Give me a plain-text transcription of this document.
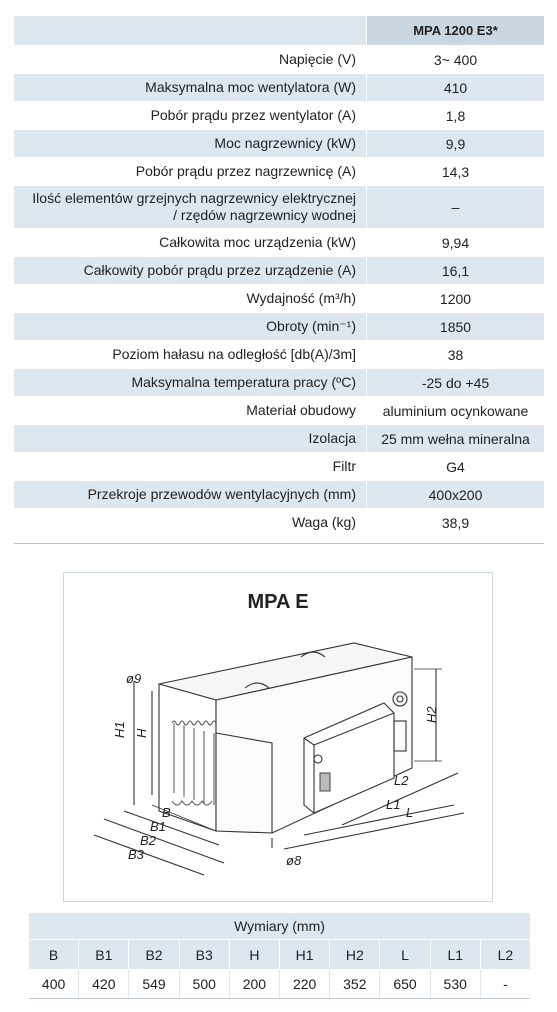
MPA 1200 E3*
Napięcie (V)	3~ 400
Maksymalna moc wentylatora (W)	410
Pobór prądu przez wentylator (A)	1,8
Moc nagrzewnicy (kW)	9,9
Pobór prądu przez nagrzewnicę (A)	14,3
Ilość elementów grzejnych nagrzewnicy elektrycznej
/ rzędów nagrzewnicy wodnej	–
Całkowita moc urządzenia (kW)	9,94
Całkowity pobór prądu przez urządzenie (A)	16,1
Wydajność (m³/h)	1200
Obroty (min⁻¹)	1850
Poziom hałasu na odległość [db(A)/3m]	38
Maksymalna temperatura pracy (ºC)	-25 do +45
Materiał obudowy	aluminium ocynkowane
Izolacja	25 mm wełna mineralna
Filtr	G4
Przekroje przewodów wentylacyjnych (mm)	400x200
Waga (kg)	38,9
MPA E
ø9
H1 H
H2
B
B1
B2
B3
L2
L1
L
ø8
Wymiary (mm)
B	B1	B2	B3	H	H1	H2	L	L1	L2
400	420	549	500	200	220	352	650	530	-
